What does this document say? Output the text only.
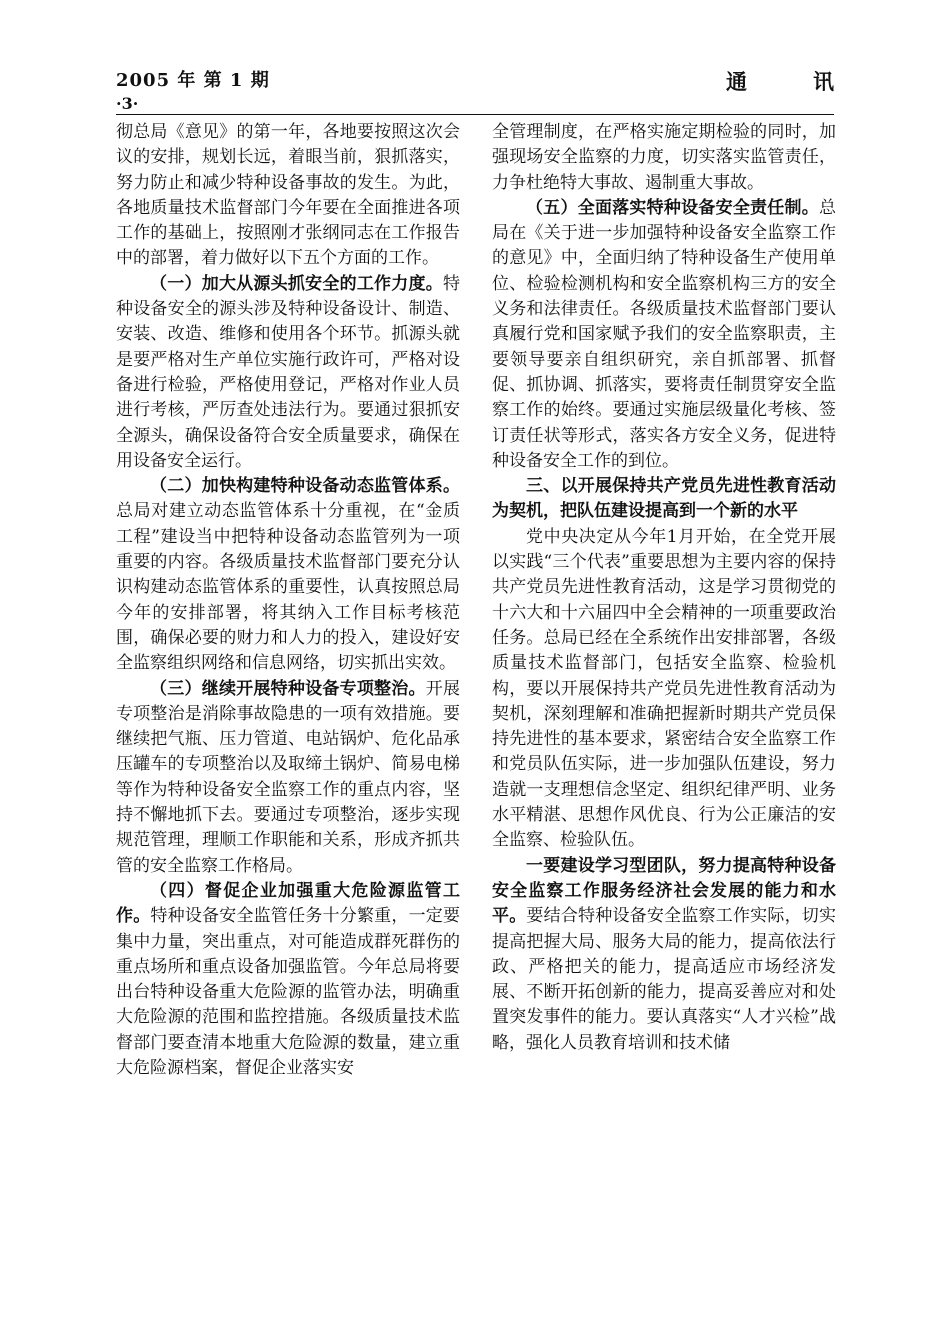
2005 年 第 1 期	通	讯
·3·

彻总局《意见》的第一年，各地要按照这次会议的安排，规划长远，着眼当前，狠抓落实，努力防止和减少特种设备事故的发生。为此，各地质量技术监督部门今年要在全面推进各项工作的基础上，按照刚才张纲同志在工作报告中的部署，着力做好以下五个方面的工作。

（一）加大从源头抓安全的工作力度。特种设备安全的源头涉及特种设备设计、制造、安装、改造、维修和使用各个环节。抓源头就是要严格对生产单位实施行政许可，严格对设备进行检验，严格使用登记，严格对作业人员进行考核，严厉查处违法行为。要通过狠抓安全源头，确保设备符合安全质量要求，确保在用设备安全运行。

（二）加快构建特种设备动态监管体系。总局对建立动态监管体系十分重视，在“金质工程”建设当中把特种设备动态监管列为一项重要的内容。各级质量技术监督部门要充分认识构建动态监管体系的重要性，认真按照总局今年的安排部署，将其纳入工作目标考核范围，确保必要的财力和人力的投入，建设好安全监察组织网络和信息网络，切实抓出实效。

（三）继续开展特种设备专项整治。开展专项整治是消除事故隐患的一项有效措施。要继续把气瓶、压力管道、电站锅炉、危化品承压罐车的专项整治以及取缔土锅炉、简易电梯等作为特种设备安全监察工作的重点内容，坚持不懈地抓下去。要通过专项整治，逐步实现规范管理，理顺工作职能和关系，形成齐抓共管的安全监察工作格局。

（四）督促企业加强重大危险源监管工作。特种设备安全监管任务十分繁重，一定要集中力量，突出重点，对可能造成群死群伤的重点场所和重点设备加强监管。今年总局将要出台特种设备重大危险源的监管办法，明确重大危险源的范围和监控措施。各级质量技术监督部门要查清本地重大危险源的数量，建立重大危险源档案，督促企业落实安

全管理制度，在严格实施定期检验的同时，加强现场安全监察的力度，切实落实监管责任，力争杜绝特大事故、遏制重大事故。

（五）全面落实特种设备安全责任制。总局在《关于进一步加强特种设备安全监察工作的意见》中，全面归纳了特种设备生产使用单位、检验检测机构和安全监察机构三方的安全义务和法律责任。各级质量技术监督部门要认真履行党和国家赋予我们的安全监察职责，主要领导要亲自组织研究，亲自抓部署、抓督促、抓协调、抓落实，要将责任制贯穿安全监察工作的始终。要通过实施层级量化考核、签订责任状等形式，落实各方安全义务，促进特种设备安全工作的到位。

三、以开展保持共产党员先进性教育活动为契机，把队伍建设提高到一个新的水平

党中央决定从今年1月开始，在全党开展以实践“三个代表”重要思想为主要内容的保持共产党员先进性教育活动，这是学习贯彻党的十六大和十六届四中全会精神的一项重要政治任务。总局已经在全系统作出安排部署，各级质量技术监督部门，包括安全监察、检验机构，要以开展保持共产党员先进性教育活动为契机，深刻理解和准确把握新时期共产党员保持先进性的基本要求，紧密结合安全监察工作和党员队伍实际，进一步加强队伍建设，努力造就一支理想信念坚定、组织纪律严明、业务水平精湛、思想作风优良、行为公正廉洁的安全监察、检验队伍。

一要建设学习型团队，努力提高特种设备安全监察工作服务经济社会发展的能力和水平。要结合特种设备安全监察工作实际，切实提高把握大局、服务大局的能力，提高依法行政、严格把关的能力，提高适应市场经济发展、不断开拓创新的能力，提高妥善应对和处置突发事件的能力。要认真落实“人才兴检”战略，强化人员教育培训和技术储
